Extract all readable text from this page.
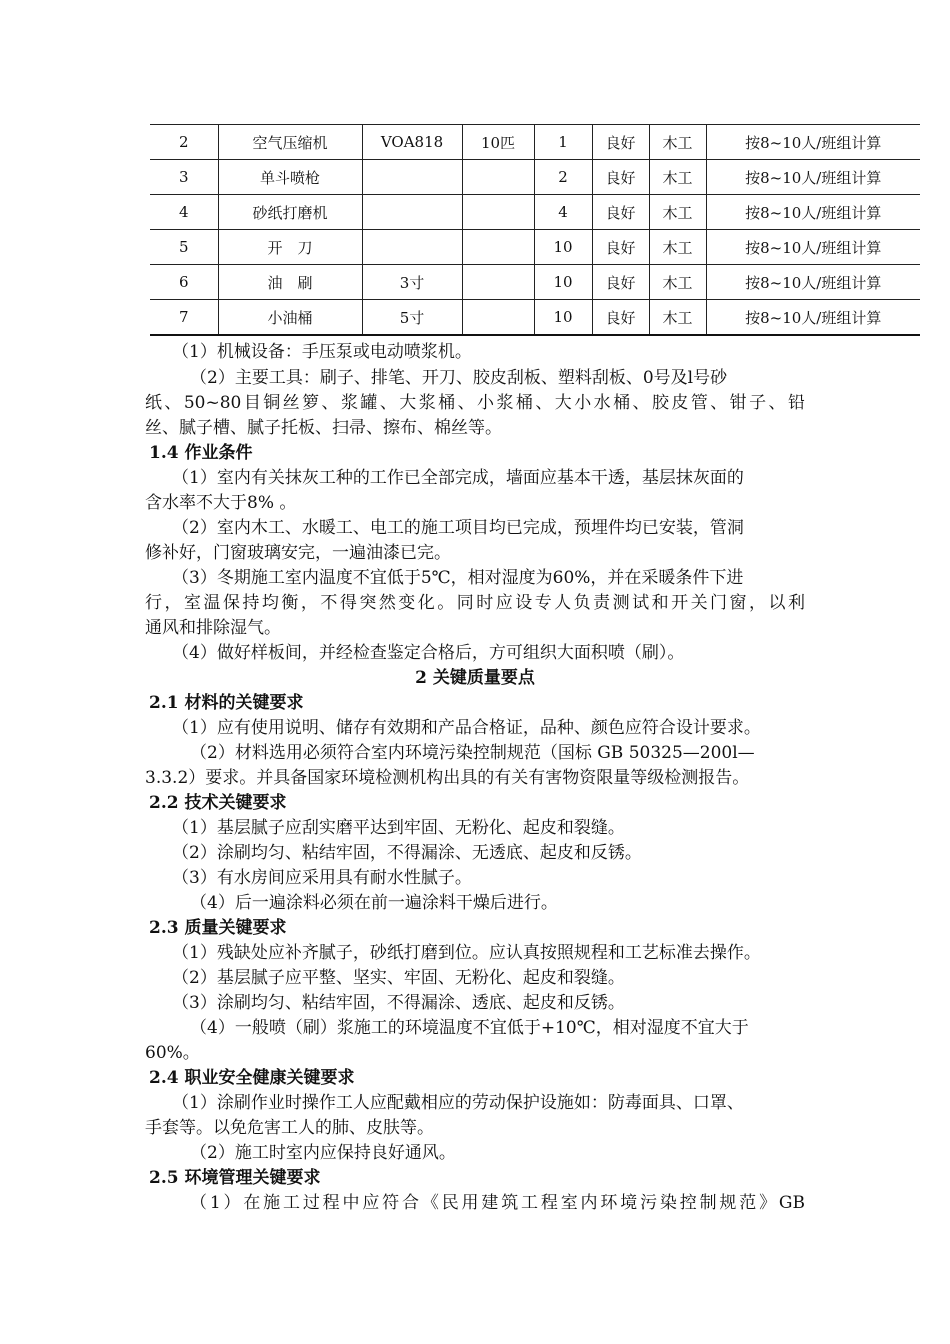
2	空气压缩机	VOA818	10匹	1	良好	木工	按8~10人/班组计算
3	单斗喷枪			2	良好	木工	按8~10人/班组计算
4	砂纸打磨机			4	良好	木工	按8~10人/班组计算
5	开　刀			10	良好	木工	按8~10人/班组计算
6	油　刷	3寸		10	良好	木工	按8~10人/班组计算
7	小油桶	5寸		10	良好	木工	按8~10人/班组计算
（1）机械设备：手压泵或电动喷浆机。
（2）主要工具：刷子、排笔、开刀、胶皮刮板、塑料刮板、0号及l号砂
纸、50~80目铜丝箩、浆罐、大浆桶、小浆桶、大小水桶、胶皮管、钳子、铅
丝、腻子槽、腻子托板、扫帚、擦布、棉丝等。
1.4 作业条件
（1）室内有关抹灰工种的工作已全部完成，墙面应基本干透，基层抹灰面的
含水率不大于8% 。
（2）室内木工、水暖工、电工的施工项目均已完成，预埋件均已安装，管洞
修补好，门窗玻璃安完，一遍油漆已完。
（3）冬期施工室内温度不宜低于5℃，相对湿度为60%，并在采暖条件下进
行，室温保持均衡，不得突然变化。同时应设专人负责测试和开关门窗，以利
通风和排除湿气。
（4）做好样板间，并经检查鉴定合格后，方可组织大面积喷（刷）。
2 关键质量要点
2.1 材料的关键要求
（1）应有使用说明、储存有效期和产品合格证，品种、颜色应符合设计要求。
（2）材料选用必须符合室内环境污染控制规范（国标 GB 50325—200l—
3.3.2）要求。并具备国家环境检测机构出具的有关有害物资限量等级检测报告。
2.2 技术关键要求
（1）基层腻子应刮实磨平达到牢固、无粉化、起皮和裂缝。
（2）涂刷均匀、粘结牢固，不得漏涂、无透底、起皮和反锈。
（3）有水房间应采用具有耐水性腻子。
（4）后一遍涂料必须在前一遍涂料干燥后进行。
2.3 质量关键要求
（1）残缺处应补齐腻子，砂纸打磨到位。应认真按照规程和工艺标准去操作。
（2）基层腻子应平整、坚实、牢固、无粉化、起皮和裂缝。
（3）涂刷均匀、粘结牢固，不得漏涂、透底、起皮和反锈。
（4）一般喷（刷）浆施工的环境温度不宜低于+10℃，相对湿度不宜大于
60%。
2.4 职业安全健康关键要求
（1）涂刷作业时操作工人应配戴相应的劳动保护设施如：防毒面具、口罩、
手套等。以免危害工人的肺、皮肤等。
（2）施工时室内应保持良好通风。
2.5 环境管理关键要求
（1）在施工过程中应符合《民用建筑工程室内环境污染控制规范》GB
